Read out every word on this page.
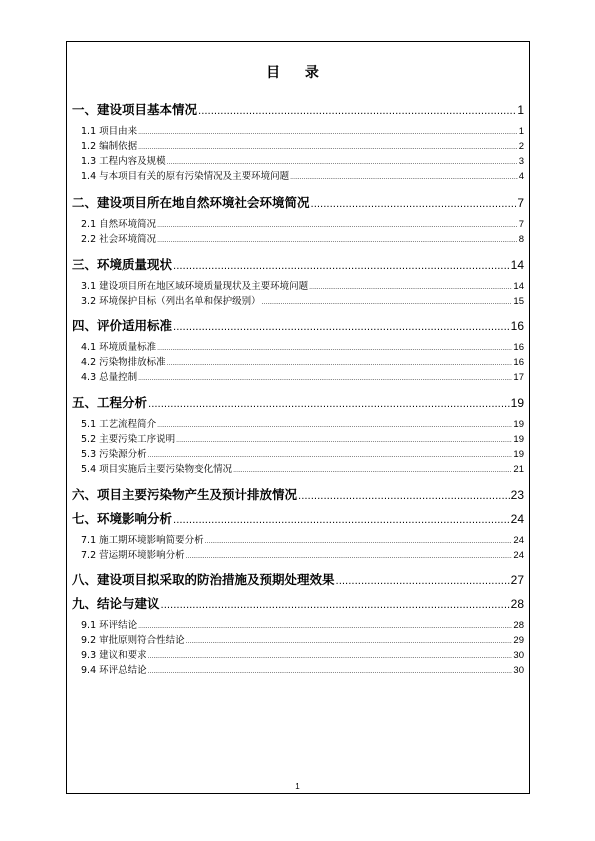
目 录
一、建设项目基本情况 .....	1
1.1 项目由来 .....	1
1.2 编制依据 .....	2
1.3 工程内容及规模 .....	3
1.4 与本项目有关的原有污染情况及主要环境问题 .....	4
二、建设项目所在地自然环境社会环境简况 .....	7
2.1 自然环境简况 .....	7
2.2 社会环境简况 .....	8
三、环境质量现状 .....	14
3.1 建设项目所在地区域环境质量现状及主要环境问题 .....	14
3.2 环境保护目标（列出名单和保护级别） .....	15
四、评价适用标准 .....	16
4.1 环境质量标准 .....	16
4.2 污染物排放标准 .....	16
4.3 总量控制 .....	17
五、工程分析 .....	19
5.1 工艺流程简介 .....	19
5.2 主要污染工序说明 .....	19
5.3 污染源分析 .....	19
5.4 项目实施后主要污染物变化情况 .....	21
六、项目主要污染物产生及预计排放情况 .....	23
七、环境影响分析 .....	24
7.1 施工期环境影响简要分析 .....	24
7.2 营运期环境影响分析 .....	24
八、建设项目拟采取的防治措施及预期处理效果 .....	27
九、结论与建议 .....	28
9.1 环评结论 .....	28
9.2 审批原则符合性结论 .....	29
9.3 建议和要求 .....	30
9.4 环评总结论 .....	30
1
